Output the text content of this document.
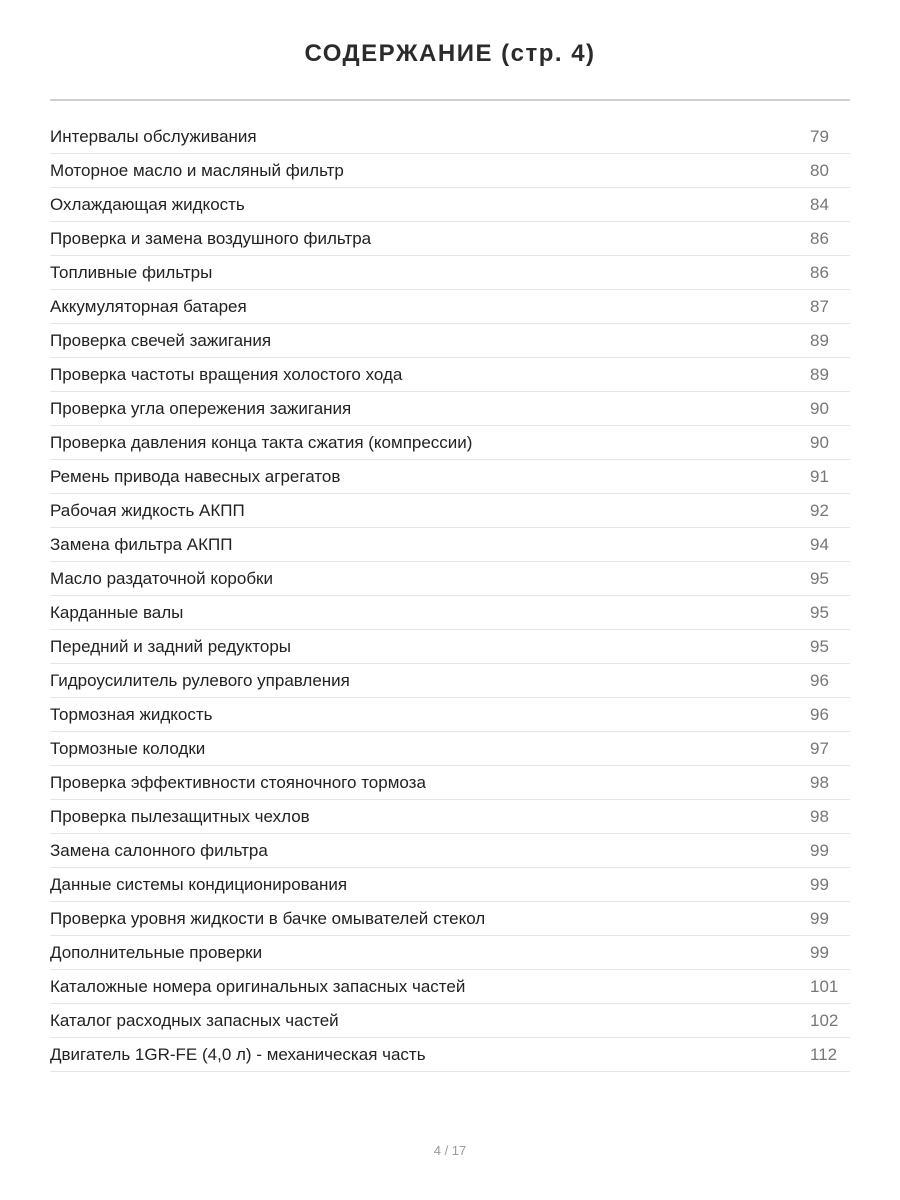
СОДЕРЖАНИЕ (стр. 4)
Интервалы обслуживания	79
Моторное масло и масляный фильтр	80
Охлаждающая жидкость	84
Проверка и замена воздушного фильтра	86
Топливные фильтры	86
Аккумуляторная батарея	87
Проверка свечей зажигания	89
Проверка частоты вращения холостого хода	89
Проверка угла опережения зажигания	90
Проверка давления конца такта сжатия (компрессии)	90
Ремень привода навесных агрегатов	91
Рабочая жидкость АКПП	92
Замена фильтра АКПП	94
Масло раздаточной коробки	95
Карданные валы	95
Передний и задний редукторы	95
Гидроусилитель рулевого управления	96
Тормозная жидкость	96
Тормозные колодки	97
Проверка эффективности стояночного тормоза	98
Проверка пылезащитных чехлов	98
Замена салонного фильтра	99
Данные системы кондиционирования	99
Проверка уровня жидкости в бачке омывателей стекол	99
Дополнительные проверки	99
Каталожные номера оригинальных запасных частей	101
Каталог расходных запасных частей	102
Двигатель 1GR-FE (4,0 л) - механическая часть	112
4 / 17
